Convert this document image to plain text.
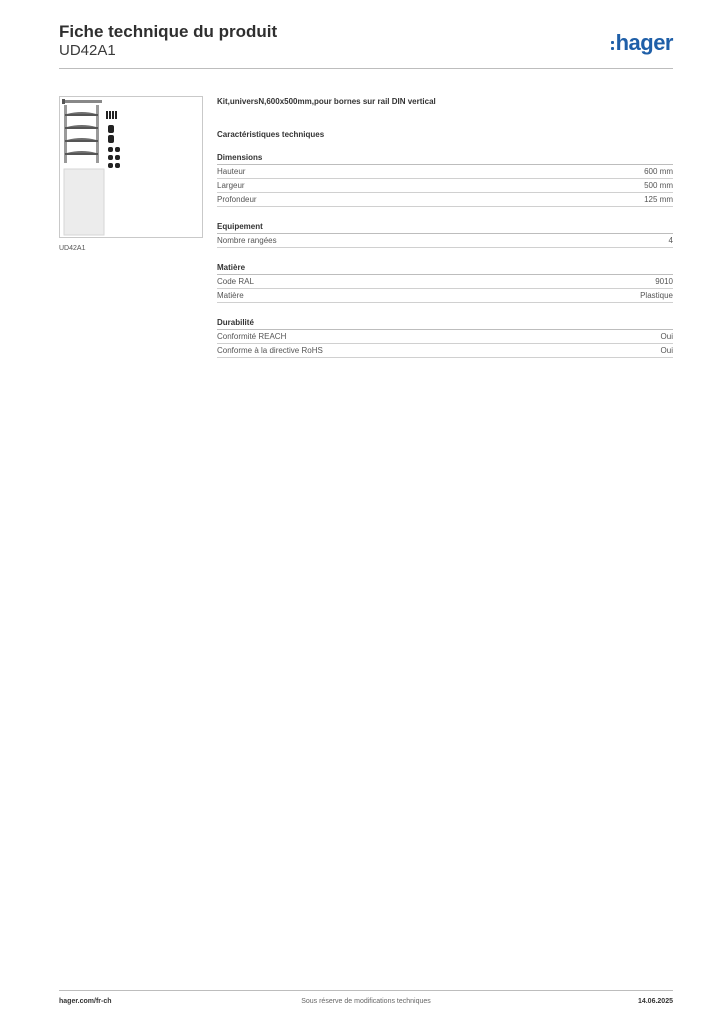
Fiche technique du produit
UD42A1	hager
UD42A1
Kit,universN,600x500mm,pour bornes sur rail DIN vertical
Caractéristiques techniques
Dimensions
Hauteur	600 mm
Largeur	500 mm
Profondeur	125 mm
Equipement
Nombre rangées	4
Matière
Code RAL	9010
Matière	Plastique
Durabilité
Conformité REACH	Oui
Conforme à la directive RoHS	Oui
hager.com/fr-ch	Sous réserve de modifications techniques	14.06.2025
